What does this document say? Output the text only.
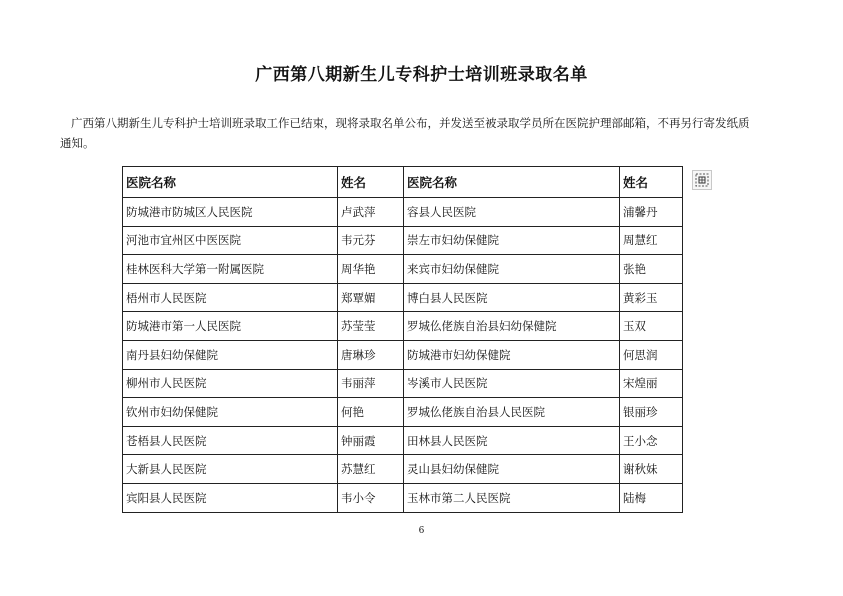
广西第八期新生儿专科护士培训班录取名单

广西第八期新生儿专科护士培训班录取工作已结束，现将录取名单公布，并发送至被录取学员所在医院护理部邮箱，不再另行寄发纸质通知。

医院名称	姓名	医院名称	姓名
防城港市防城区人民医院	卢武萍	容县人民医院	浦馨丹
河池市宜州区中医医院	韦元芬	崇左市妇幼保健院	周慧红
桂林医科大学第一附属医院	周华艳	来宾市妇幼保健院	张艳
梧州市人民医院	郑覃媚	博白县人民医院	黄彩玉
防城港市第一人民医院	苏莹莹	罗城仫佬族自治县妇幼保健院	玉双
南丹县妇幼保健院	唐琳珍	防城港市妇幼保健院	何思润
柳州市人民医院	韦丽萍	岑溪市人民医院	宋煌丽
钦州市妇幼保健院	何艳	罗城仫佬族自治县人民医院	银丽珍
苍梧县人民医院	钟丽霞	田林县人民医院	王小念
大新县人民医院	苏慧红	灵山县妇幼保健院	谢秋妹
宾阳县人民医院	韦小令	玉林市第二人民医院	陆梅
6
